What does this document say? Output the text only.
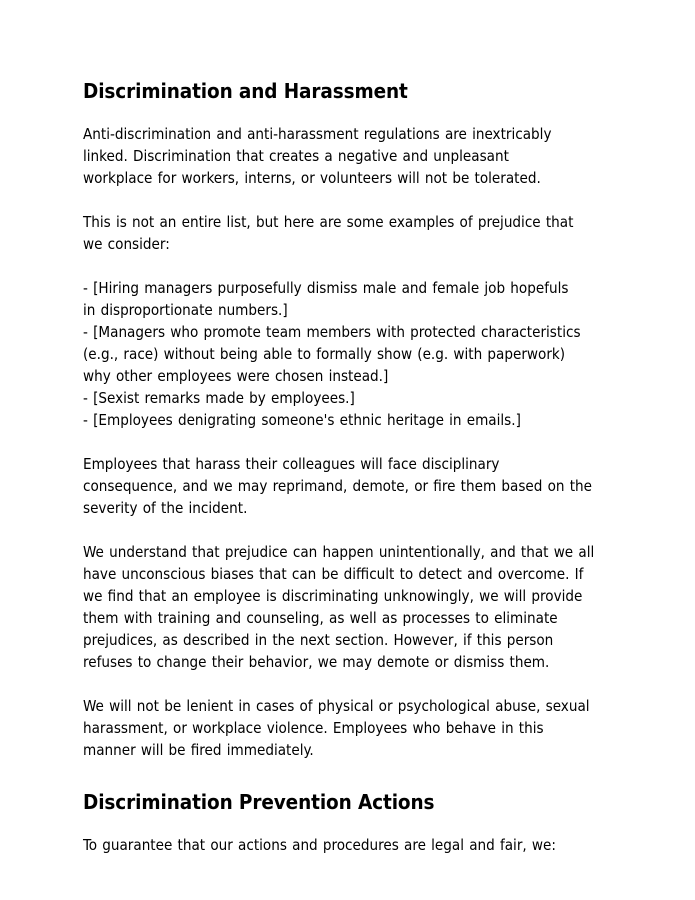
Discrimination and Harassment

Anti-discrimination and anti-harassment regulations are inextricably linked. Discrimination that creates a negative and unpleasant workplace for workers, interns, or volunteers will not be tolerated.

This is not an entire list, but here are some examples of prejudice that we consider:

- [Hiring managers purposefully dismiss male and female job hopefuls in disproportionate numbers.]
- [Managers who promote team members with protected characteristics (e.g., race) without being able to formally show (e.g. with paperwork) why other employees were chosen instead.]
- [Sexist remarks made by employees.]
- [Employees denigrating someone's ethnic heritage in emails.]

Employees that harass their colleagues will face disciplinary consequence, and we may reprimand, demote, or fire them based on the severity of the incident.

We understand that prejudice can happen unintentionally, and that we all have unconscious biases that can be difficult to detect and overcome. If we find that an employee is discriminating unknowingly, we will provide them with training and counseling, as well as processes to eliminate prejudices, as described in the next section. However, if this person refuses to change their behavior, we may demote or dismiss them.

We will not be lenient in cases of physical or psychological abuse, sexual harassment, or workplace violence. Employees who behave in this manner will be fired immediately.

Discrimination Prevention Actions

To guarantee that our actions and procedures are legal and fair, we:
